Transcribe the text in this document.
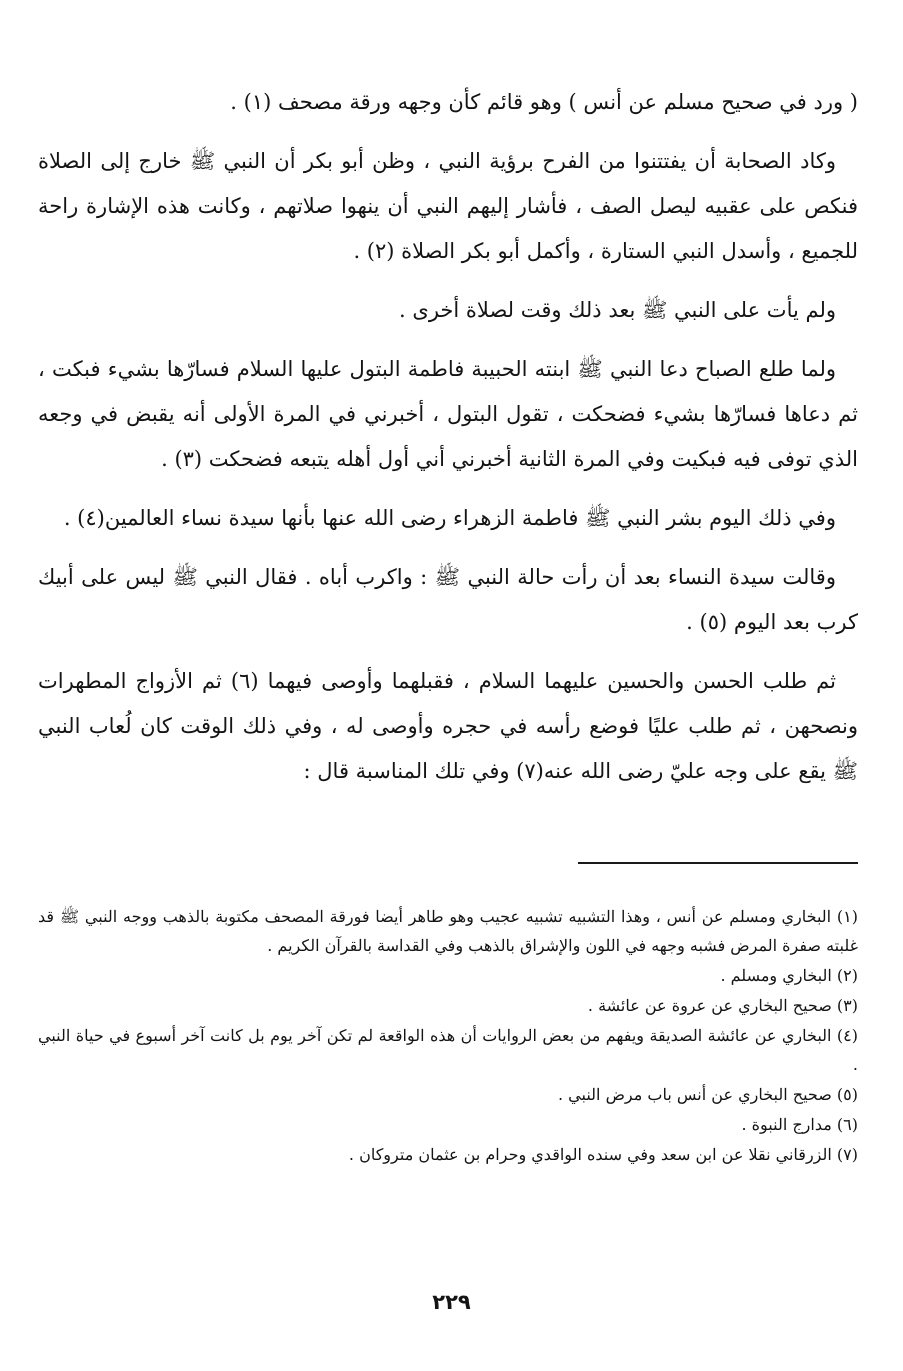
( ورد في صحيح مسلم عن أنس ) وهو قائم كأن وجهه ورقة مصحف (١) .

وكاد الصحابة أن يفتتنوا من الفرح برؤية النبي ، وظن أبو بكر أن النبي ﷺ خارج إلى الصلاة فنكص على عقبيه ليصل الصف ، فأشار إليهم النبي أن ينهوا صلاتهم ، وكانت هذه الإشارة راحة للجميع ، وأسدل النبي الستارة ، وأكمل أبو بكر الصلاة (٢) .

ولم يأت على النبي ﷺ بعد ذلك وقت لصلاة أخرى .

ولما طلع الصباح دعا النبي ﷺ ابنته الحبيبة فاطمة البتول عليها السلام فسارّها بشيء فبكت ، ثم دعاها فسارّها بشيء فضحكت ، تقول البتول ، أخبرني في المرة الأولى أنه يقبض في وجعه الذي توفى فيه فبكيت وفي المرة الثانية أخبرني أني أول أهله يتبعه فضحكت (٣) .

وفي ذلك اليوم بشر النبي ﷺ فاطمة الزهراء رضى الله عنها بأنها سيدة نساء العالمين(٤) .

وقالت سيدة النساء بعد أن رأت حالة النبي ﷺ : واكرب أباه . فقال النبي ﷺ ليس على أبيك كرب بعد اليوم (٥) .

ثم طلب الحسن والحسين عليهما السلام ، فقبلهما وأوصى فيهما (٦) ثم الأزواج المطهرات ونصحهن ، ثم طلب عليًا فوضع رأسه في حجره وأوصى له ، وفي ذلك الوقت كان لُعاب النبي ﷺ يقع على وجه عليّ رضى الله عنه(٧) وفي تلك المناسبة قال :

(١) البخاري ومسلم عن أنس ، وهذا التشبيه تشبيه عجيب وهو طاهر أيضا فورقة المصحف مكتوبة بالذهب ووجه النبي ﷺ قد غلبته صفرة المرض فشبه وجهه في اللون والإشراق بالذهب وفي القداسة بالقرآن الكريم .

(٢) البخاري ومسلم .

(٣) صحيح البخاري عن عروة عن عائشة .

(٤) البخاري عن عائشة الصديقة ويفهم من بعض الروايات أن هذه الواقعة لم تكن آخر يوم بل كانت آخر أسبوع في حياة النبي .

(٥) صحيح البخاري عن أنس باب مرض النبي .

(٦) مدارج النبوة .

(٧) الزرقاني نقلا عن ابن سعد وفي سنده الواقدي وحرام بن عثمان متروكان .

٢٢٩
